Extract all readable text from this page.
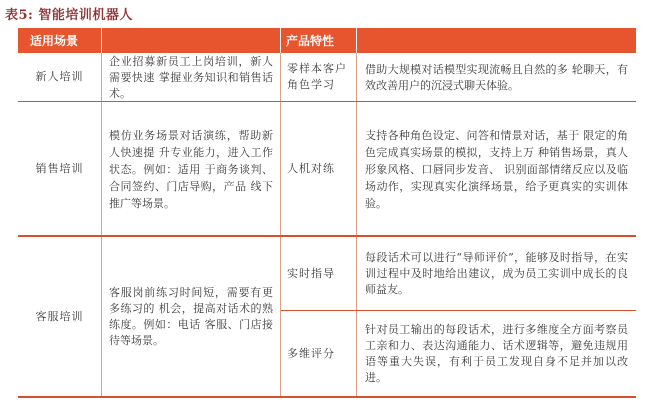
表5: 智能培训机器人
适用场景	产品特性
新人培训
企业招募新员工上岗培训，新人需要快速 掌握业务知识和销售话术。
零样本客户角色学习
借助大规模对话模型实现流畅且自然的多 轮聊天，有效改善用户的沉浸式聊天体验。
销售培训
模仿业务场景对话演练，帮助新人快速提 升专业能力，进入工作状态。例如：适用 于商务谈判、合同签约、门店导购，产品 线下推广等场景。
人机对练
支持各种角色设定、问答和情景对话，基于 限定的角色完成真实场景的模拟，支持上万 种销售场景，真人形象风格、口唇同步发音、 识别面部情绪反应以及临场动作，实现真实化演绎场景，给予更真实的实训体验。
客服培训
客服岗前练习时间短，需要有更多练习的 机会，提高对话术的熟练度。例如：电话 客服、门店接待等场景。
实时指导
每段话术可以进行“导师评价”，能够及时指导，在实训过程中及时地给出建议，成为员工实训中成长的良师益友。
多维评分
针对员工输出的每段话术，进行多维度全方面考察员工亲和力、表达沟通能力、话术逻辑等，避免违规用语等重大失误，有利于员工发现自身不足并加以改进。
